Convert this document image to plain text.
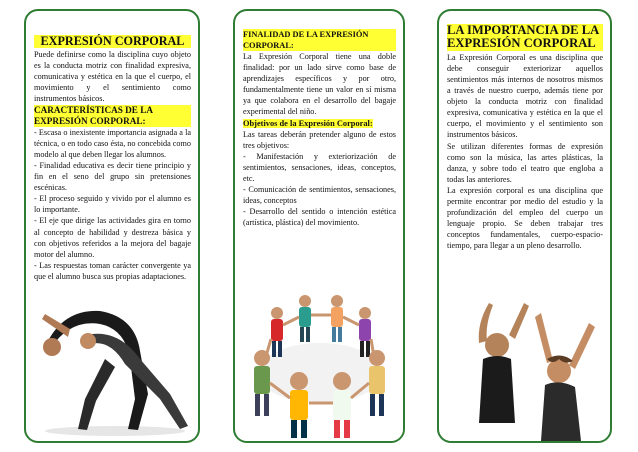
EXPRESIÓN CORPORAL

Puede definirse como la disciplina cuyo objeto es la conducta motriz con finalidad expresiva, comunicativa y estética en la que el cuerpo, el movimiento y el sentimiento como instrumentos básicos.

CARACTERÍSTICAS DE LA EXPRESIÓN CORPORAL:

- Escasa o inexistente importancia asignada a la técnica, o en todo caso ésta, no concebida como modelo al que deben llegar los alumnos.

- Finalidad educativa es decir tiene principio y fin en el seno del grupo sin pretensiones escénicas.

- El proceso seguido y vivido por el alumno es lo importante.

- El eje que dirige las actividades gira en torno al concepto de habilidad y destreza básica y con objetivos referidos a la mejora del bagaje motor del alumno.

- Las respuestas toman carácter convergente ya que el alumno busca sus propias adaptaciones.

FINALIDAD DE LA EXPRESIÓN CORPORAL:

La Expresión Corporal tiene una doble finalidad: por un lado sirve como base de aprendizajes específicos y por otro, fundamentalmente tiene un valor en sí misma ya que colabora en el desarrollo del bagaje experimental del niño.

Objetivos de la Expresión Corporal:

Las tareas deberán pretender alguno de estos tres objetivos:

- Manifestación y exteriorización de sentimientos, sensaciones, ideas, conceptos, etc.

- Comunicación de sentimientos, sensaciones, ideas, conceptos

- Desarrollo del sentido o intención estética (artística, plástica) del movimiento.

LA IMPORTANCIA DE LA EXPRESIÓN CORPORAL

La Expresión Corporal es una disciplina que debe conseguir exteriorizar aquellos sentimientos más internos de nosotros mismos a través de nuestro cuerpo, además tiene por objeto la conducta motriz con finalidad expresiva, comunicativa y estética en la que el cuerpo, el movimiento y el sentimiento son instrumentos básicos.

Se utilizan diferentes formas de expresión como son la música, las artes plásticas, la danza, y sobre todo el teatro que engloba a todas las anteriores.

La expresión corporal es una disciplina que permite encontrar por medio del estudio y la profundización del empleo del cuerpo un lenguaje propio. Se deben trabajar tres conceptos fundamentales, cuerpo-espacio-tiempo, para llegar a un pleno desarrollo.
